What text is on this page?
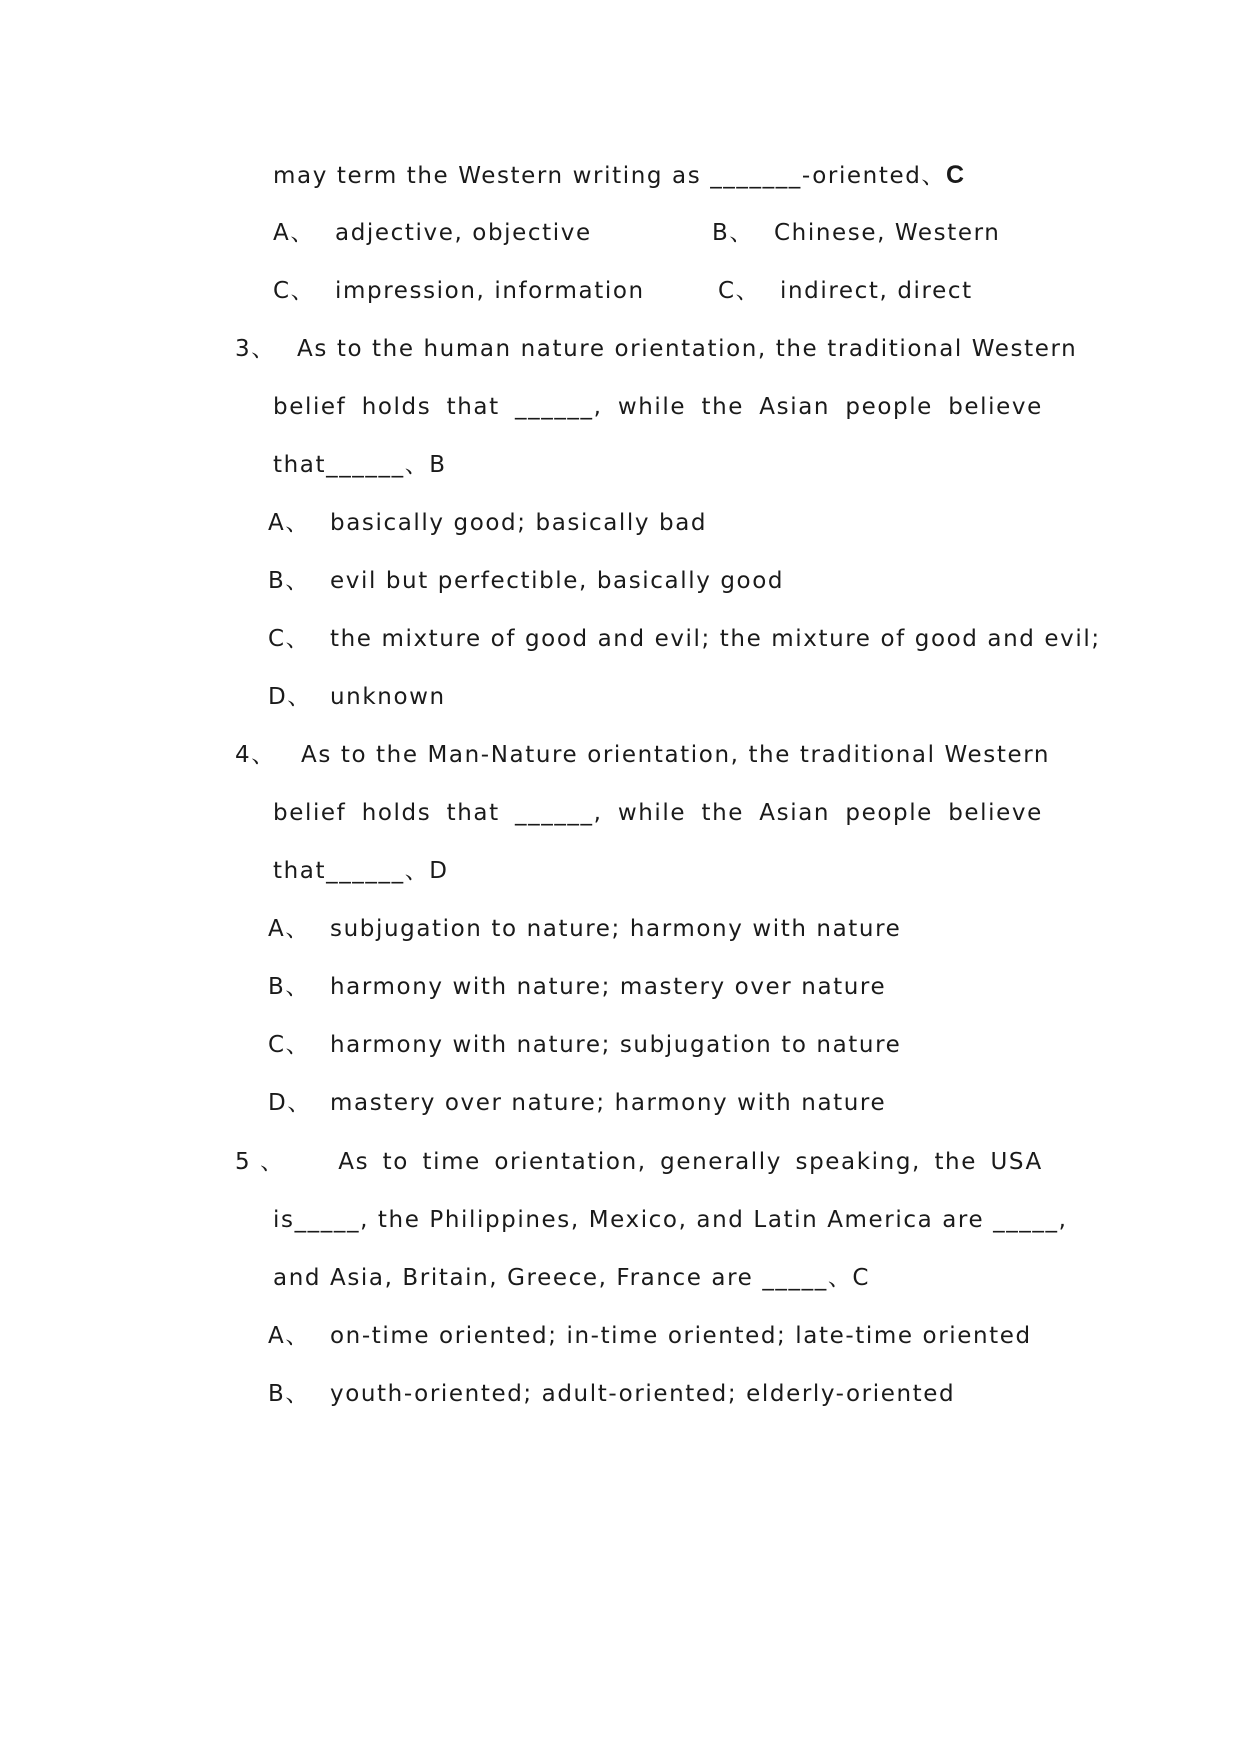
may term the Western writing as _______-oriented、C
A、 adjective, objective	B、 Chinese, Western
C、 impression, information	C、 indirect, direct
3、 As to the human nature orientation, the traditional Western
belief holds that ______, while the Asian people believe
that______、B
A、 basically good; basically bad
B、 evil but perfectible, basically good
C、 the mixture of good and evil; the mixture of good and evil;
D、 unknown
4、 As to the Man-Nature orientation, the traditional Western
belief holds that ______, while the Asian people believe
that______、D
A、 subjugation to nature; harmony with nature
B、 harmony with nature; mastery over nature
C、 harmony with nature; subjugation to nature
D、 mastery over nature; harmony with nature
5 、 As to time orientation, generally speaking, the USA
is_____, the Philippines, Mexico, and Latin America are _____,
and Asia, Britain, Greece, France are _____、C
A、 on-time oriented; in-time oriented; late-time oriented
B、 youth-oriented; adult-oriented; elderly-oriented
